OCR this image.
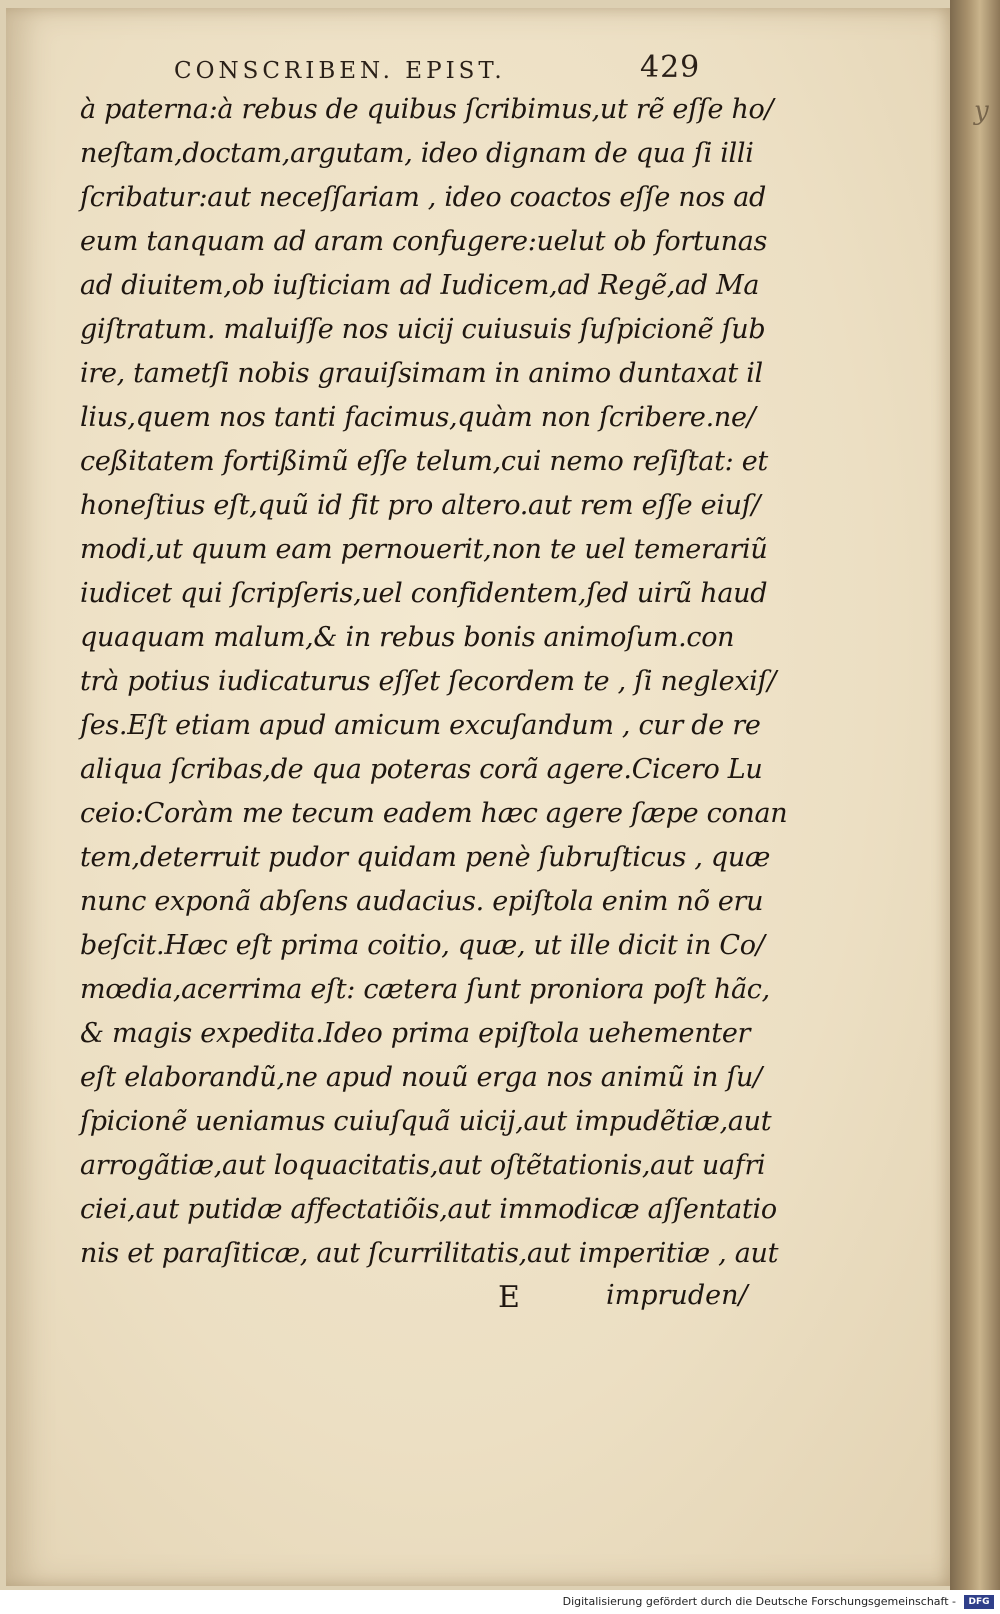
CONSCRIBEN. EPIST.	429
à paterna:à rebus de quibus ſcribimus,ut rẽ eſſe ho/
neſtam,doctam,argutam, ideo dignam de qua ſi illi
ſcribatur:aut neceſſariam , ideo coactos eſſe nos ad
eum tanquam ad aram confugere:uelut ob fortunas
ad diuitem,ob iuſticiam ad Iudicem,ad Regẽ,ad Ma
giſtratum. maluiſſe nos uicij cuiusuis ſuſpicionẽ ſub
ire, tametſi nobis grauiſsimam in animo duntaxat il
lius,quem nos tanti facimus,quàm non ſcribere.ne/
ceßitatem fortißimũ eſſe telum,cui nemo reſiſtat: et
honeſtius eſt,quũ id fit pro altero.aut rem eſſe eiuſ/
modi,ut quum eam pernouerit,non te uel temerariũ
iudicet qui ſcripſeris,uel confidentem,ſed uirũ haud
quaquam malum,& in rebus bonis animoſum.con
trà potius iudicaturus eſſet ſecordem te , ſi neglexiſ/
ſes.Eſt etiam apud amicum excuſandum , cur de re
aliqua ſcribas,de qua poteras corã agere.Cicero Lu
ceio:Coràm me tecum eadem hæc agere ſæpe conan
tem,deterruit pudor quidam penè ſubruſticus , quæ
nunc exponã abſens audacius. epiſtola enim nõ eru
beſcit.Hæc eſt prima coitio, quæ, ut ille dicit in Co/
mœdia,acerrima eſt: cætera ſunt proniora poſt hãc,
& magis expedita.Ideo prima epiſtola uehementer
eſt elaborandũ,ne apud nouũ erga nos animũ in ſu/
ſpicionẽ ueniamus cuiuſquã uicij,aut impudẽtiæ,aut
arrogãtiæ,aut loquacitatis,aut oſtẽtationis,aut uafri
ciei,aut putidæ affectatiõis,aut immodicæ aſſentatio
nis et paraſiticæ, aut ſcurrilitatis,aut imperitiæ , aut
E	impruden/
y
Digitalisierung gefördert durch die Deutsche Forschungsgemeinschaft -	DFG
